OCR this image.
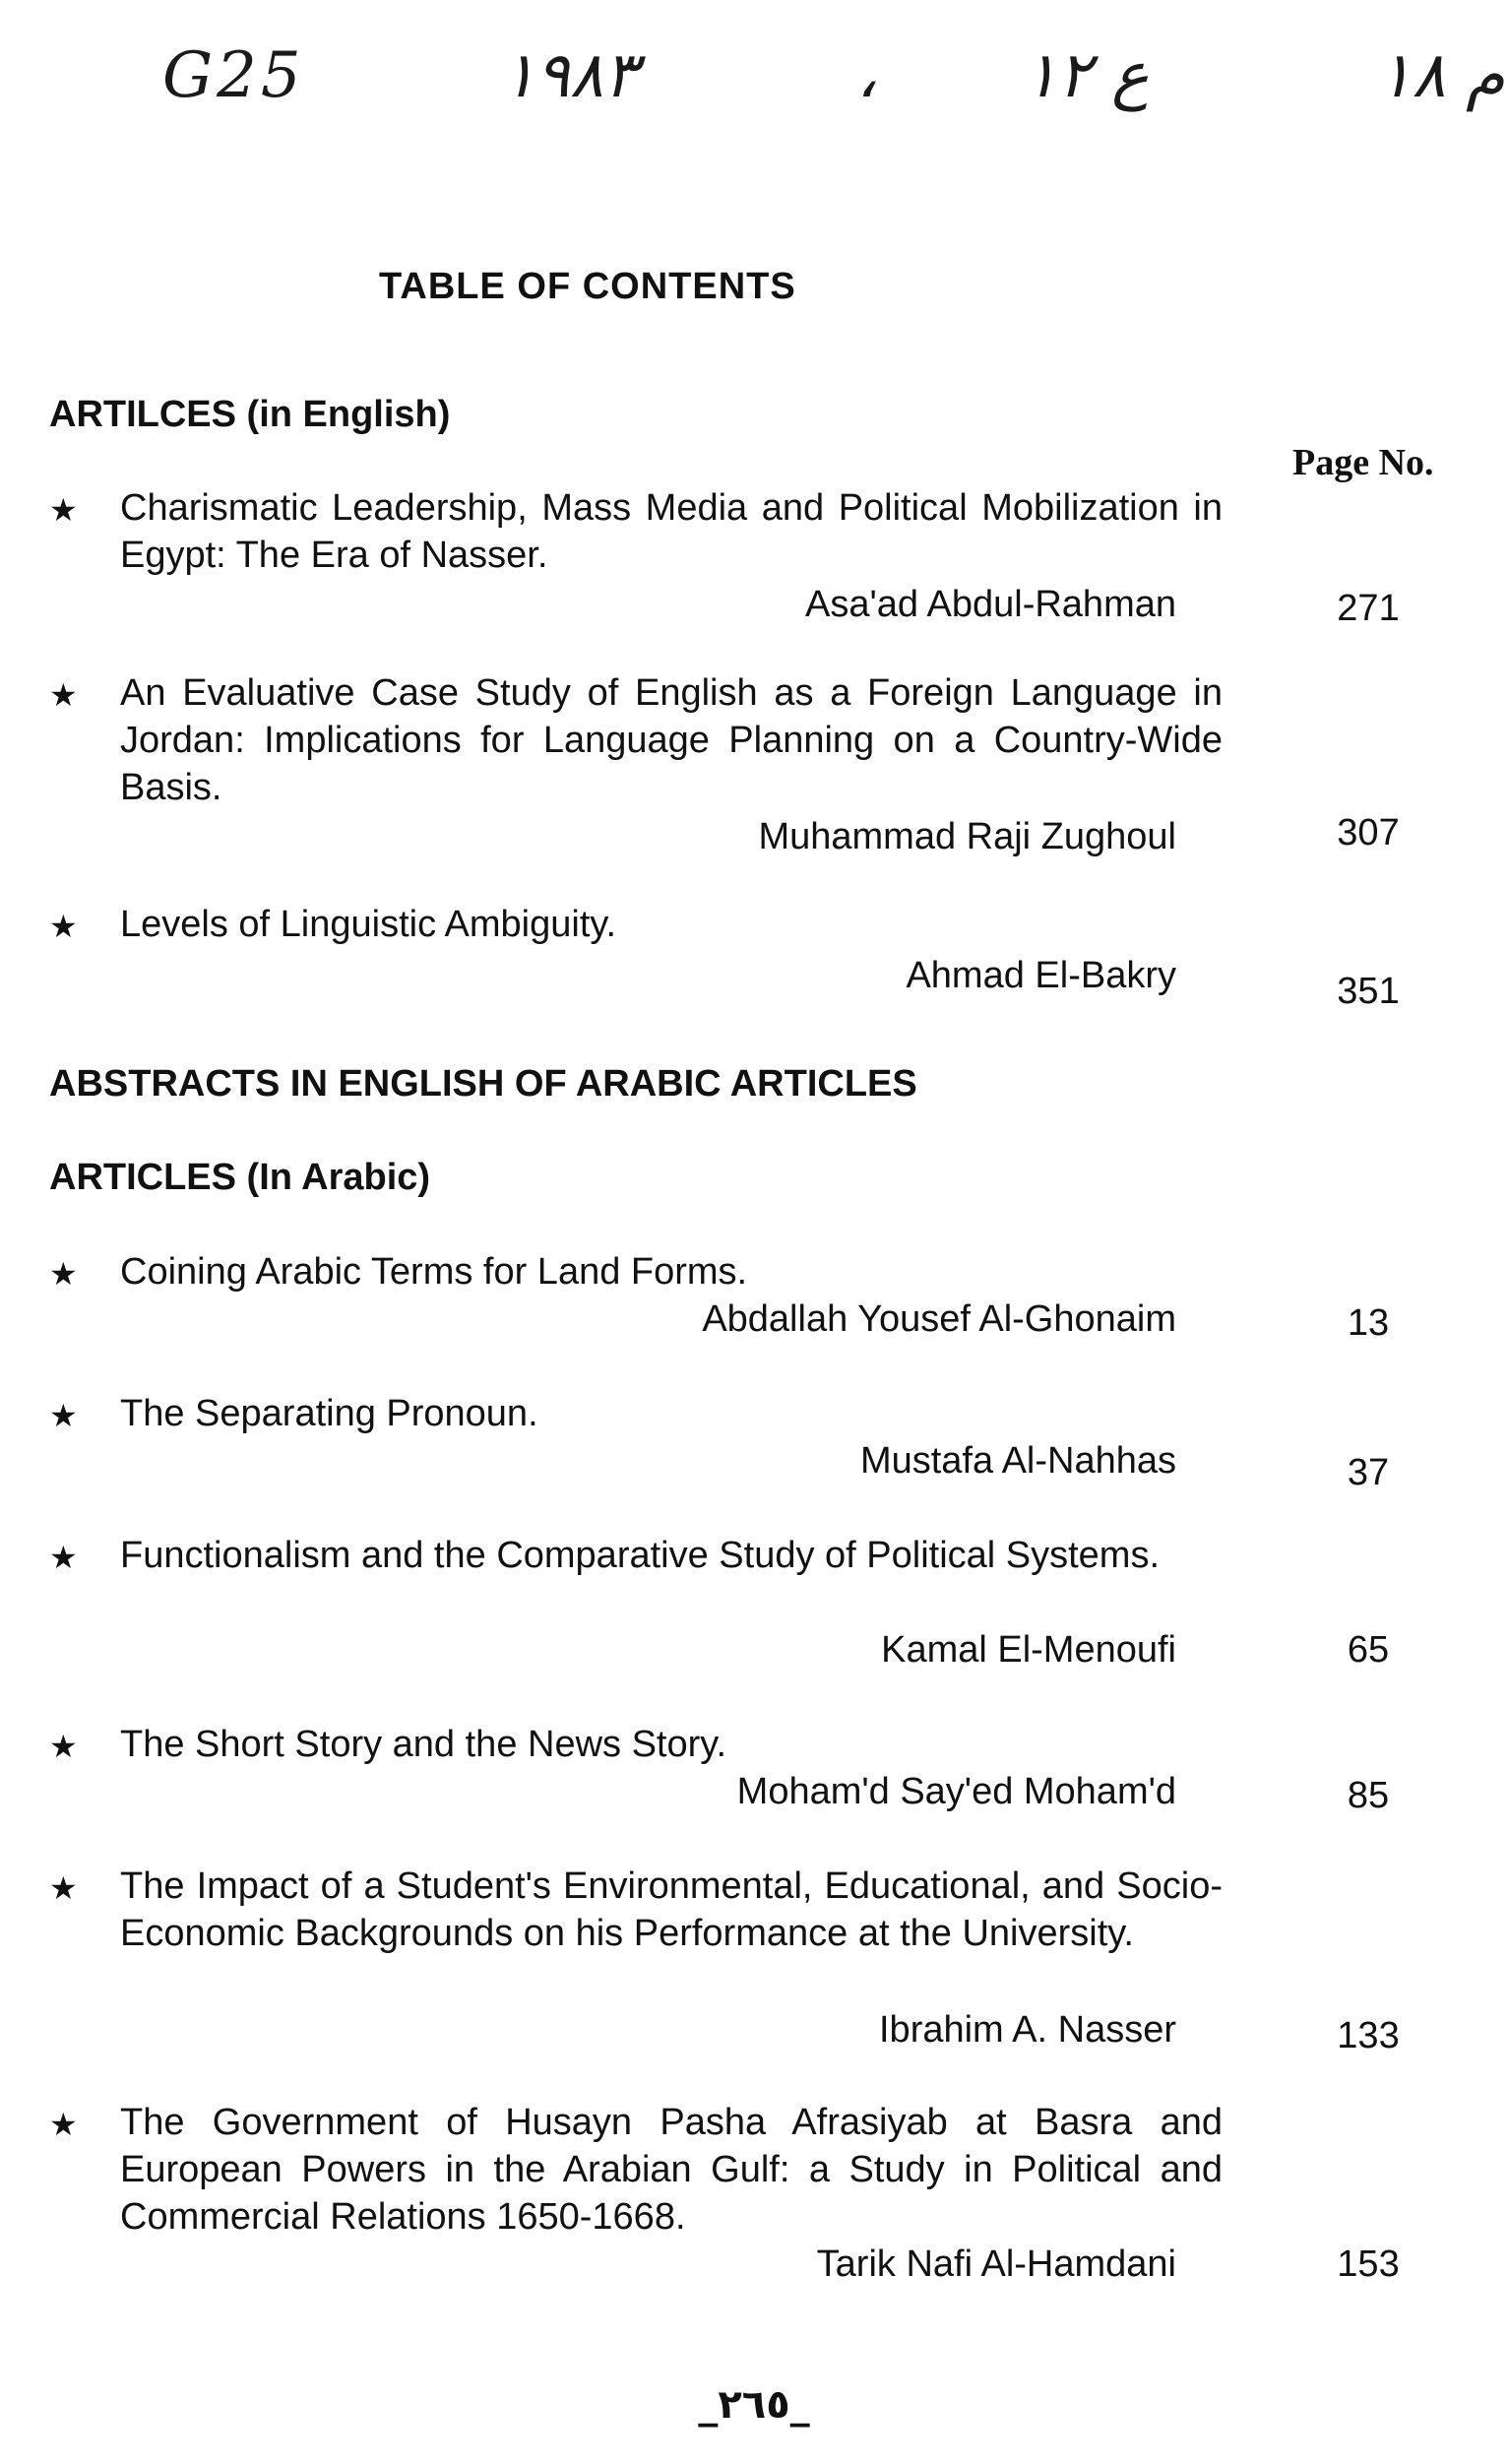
G25	١٩٨٣	، ع ١٢	م ١٨
TABLE OF CONTENTS
ARTILCES (in English)
Page No.
★ Charismatic Leadership, Mass Media and Political Mobilization in Egypt: The Era of Nasser.
Asa'ad Abdul-Rahman	271
★ An Evaluative Case Study of English as a Foreign Language in Jordan: Implications for Language Planning on a Country-Wide Basis.
Muhammad Raji Zughoul	307
★ Levels of Linguistic Ambiguity.
Ahmad El-Bakry	351
ABSTRACTS IN ENGLISH OF ARABIC ARTICLES
ARTICLES (In Arabic)
★ Coining Arabic Terms for Land Forms.
Abdallah Yousef Al-Ghonaim	13
★ The Separating Pronoun.
Mustafa Al-Nahhas	37
★ Functionalism and the Comparative Study of Political Systems.
Kamal El-Menoufi	65
★ The Short Story and the News Story.
Moham'd Say'ed Moham'd	85
★ The Impact of a Student's Environmental, Educational, and Socio-Economic Backgrounds on his Performance at the University.
Ibrahim A. Nasser	133
★ The Government of Husayn Pasha Afrasiyab at Basra and European Powers in the Arabian Gulf: a Study in Political and Commercial Relations 1650-1668.
Tarik Nafi Al-Hamdani	153
_٢٦٥_
